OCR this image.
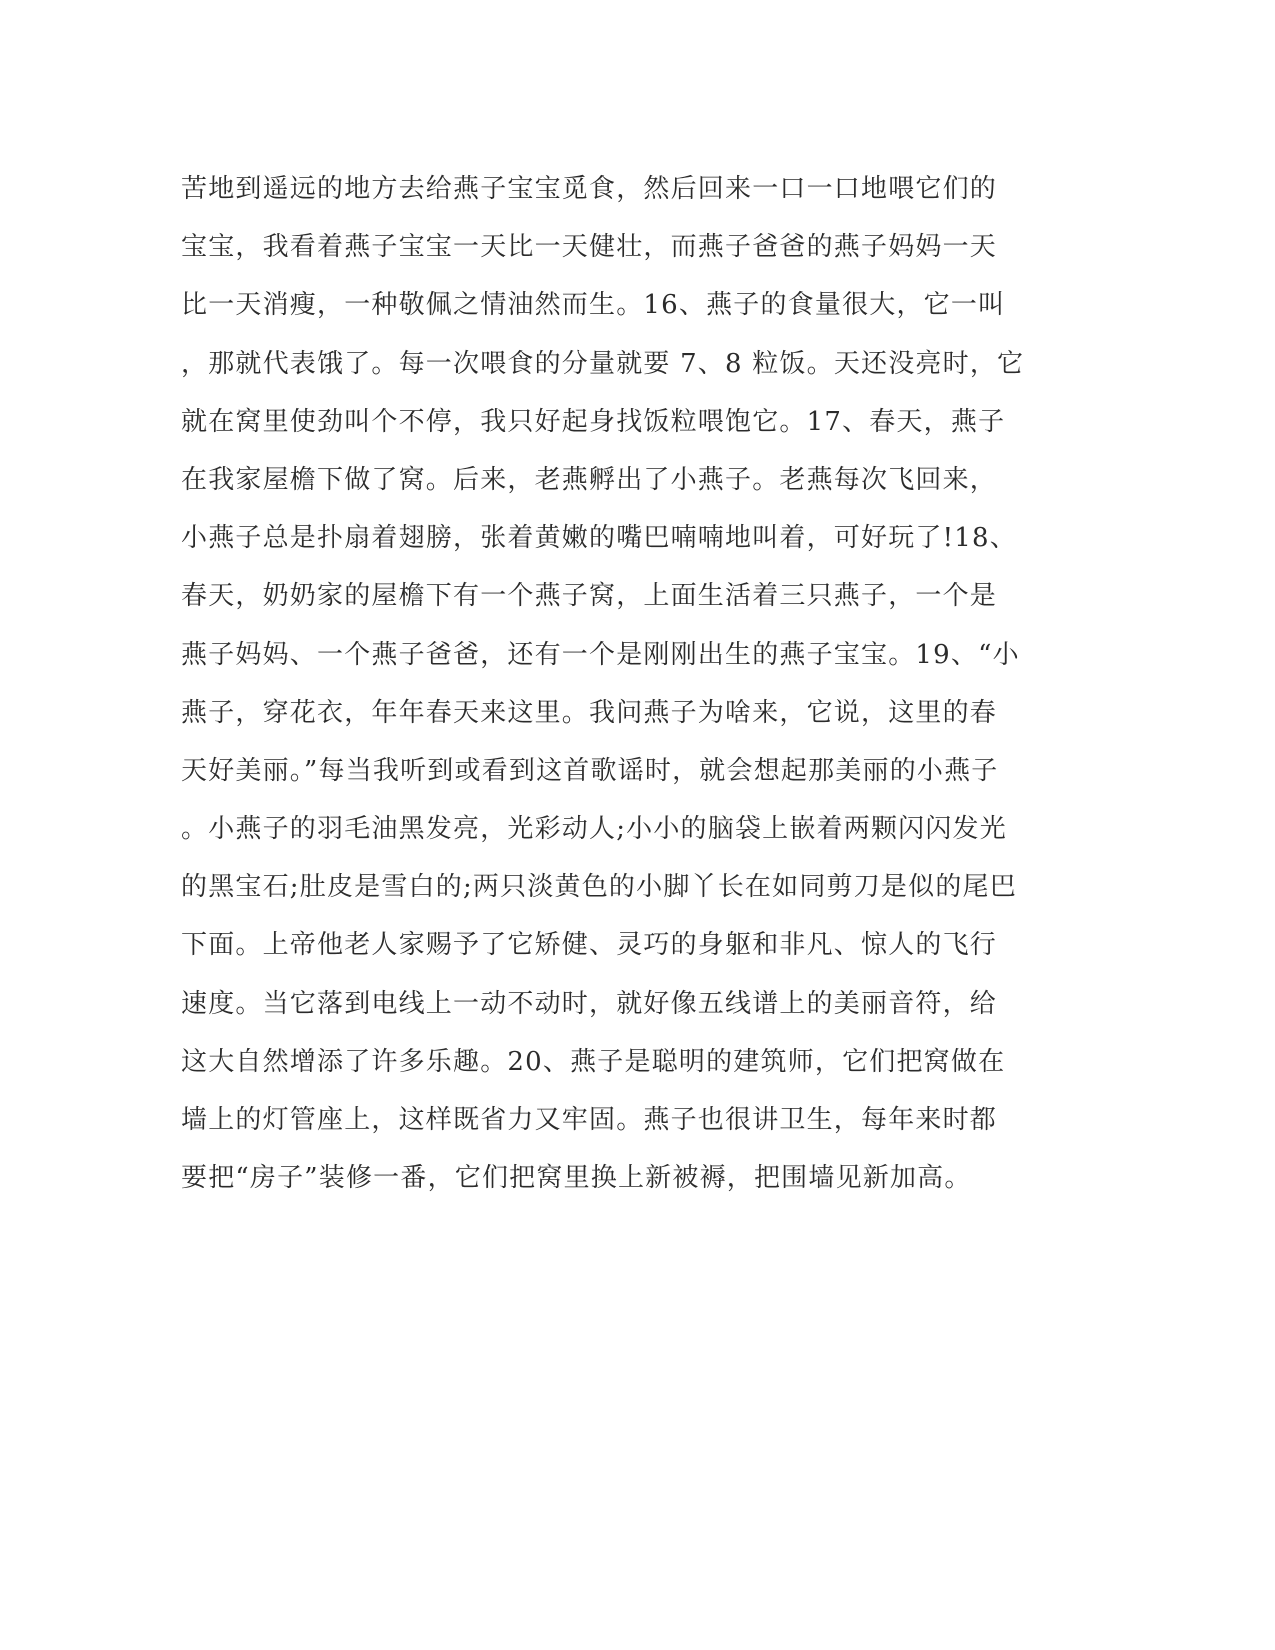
苦地到遥远的地方去给燕子宝宝觅食，然后回来一口一口地喂它们的
宝宝，我看着燕子宝宝一天比一天健壮，而燕子爸爸的燕子妈妈一天
比一天消瘦，一种敬佩之情油然而生。16、燕子的食量很大，它一叫
，那就代表饿了。每一次喂食的分量就要 7、8 粒饭。天还没亮时，它
就在窝里使劲叫个不停，我只好起身找饭粒喂饱它。17、春天，燕子
在我家屋檐下做了窝。后来，老燕孵出了小燕子。老燕每次飞回来，
小燕子总是扑扇着翅膀，张着黄嫩的嘴巴喃喃地叫着，可好玩了!18、
春天，奶奶家的屋檐下有一个燕子窝，上面生活着三只燕子，一个是
燕子妈妈、一个燕子爸爸，还有一个是刚刚出生的燕子宝宝。19、“小
燕子，穿花衣，年年春天来这里。我问燕子为啥来，它说，这里的春
天好美丽。”每当我听到或看到这首歌谣时，就会想起那美丽的小燕子
。小燕子的羽毛油黑发亮，光彩动人;小小的脑袋上嵌着两颗闪闪发光
的黑宝石;肚皮是雪白的;两只淡黄色的小脚丫长在如同剪刀是似的尾巴
下面。上帝他老人家赐予了它矫健、灵巧的身躯和非凡、惊人的飞行
速度。当它落到电线上一动不动时，就好像五线谱上的美丽音符，给
这大自然增添了许多乐趣。20、燕子是聪明的建筑师，它们把窝做在
墙上的灯管座上，这样既省力又牢固。燕子也很讲卫生，每年来时都
要把“房子”装修一番，它们把窝里换上新被褥，把围墙见新加高。
